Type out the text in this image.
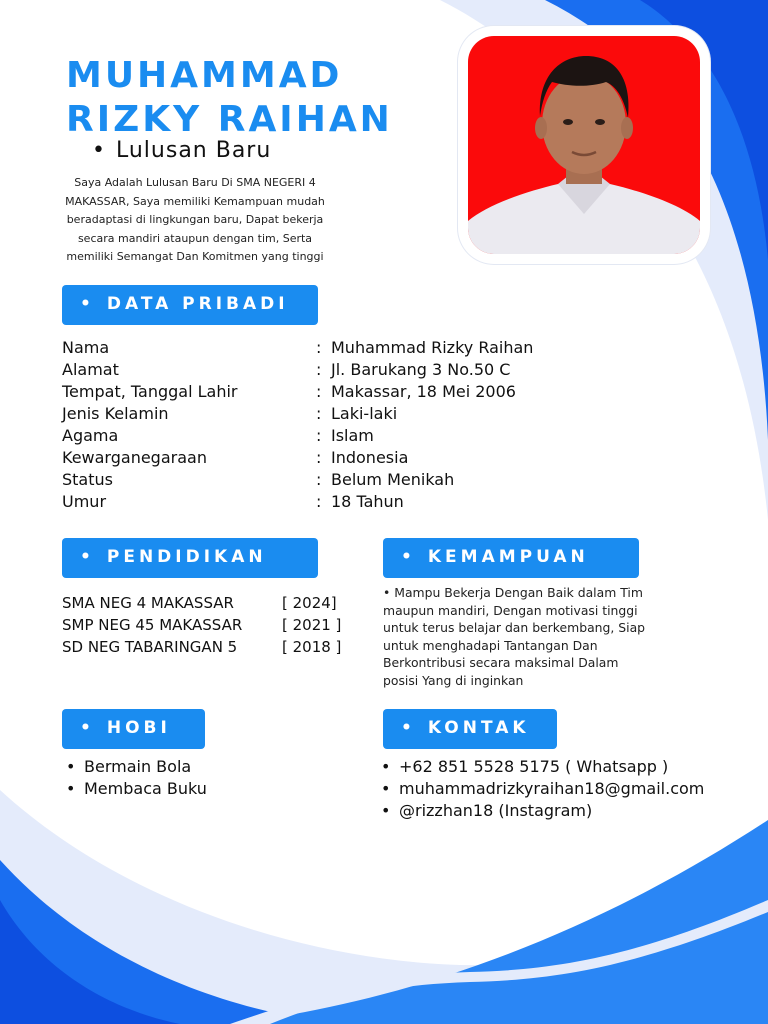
MUHAMMAD
RIZKY RAIHAN
• Lulusan Baru
Saya Adalah Lulusan Baru Di SMA NEGERI 4
MAKASSAR, Saya memiliki Kemampuan mudah
beradaptasi di lingkungan baru, Dapat bekerja
secara mandiri ataupun dengan tim, Serta
memiliki Semangat Dan Komitmen yang tinggi
• DATA PRIBADI
Nama	: Muhammad Rizky Raihan
Alamat	: Jl. Barukang 3 No.50 C
Tempat, Tanggal Lahir	: Makassar, 18 Mei 2006
Jenis Kelamin	: Laki-laki
Agama	: Islam
Kewarganegaraan	: Indonesia
Status	: Belum Menikah
Umur	: 18 Tahun
• PENDIDIKAN
SMA NEG 4 MAKASSAR	[ 2024]
SMP NEG 45 MAKASSAR	[ 2021 ]
SD NEG TABARINGAN 5	[ 2018 ]
• KEMAMPUAN
• Mampu Bekerja Dengan Baik dalam Tim
maupun mandiri, Dengan motivasi tinggi
untuk terus belajar dan berkembang, Siap
untuk menghadapi Tantangan Dan
Berkontribusi secara maksimal Dalam
posisi Yang di inginkan
• HOBI
• Bermain Bola
• Membaca Buku
• KONTAK
• +62 851 5528 5175 ( Whatsapp )
• muhammadrizkyraihan18@gmail.com
• @rizzhan18 (Instagram)
